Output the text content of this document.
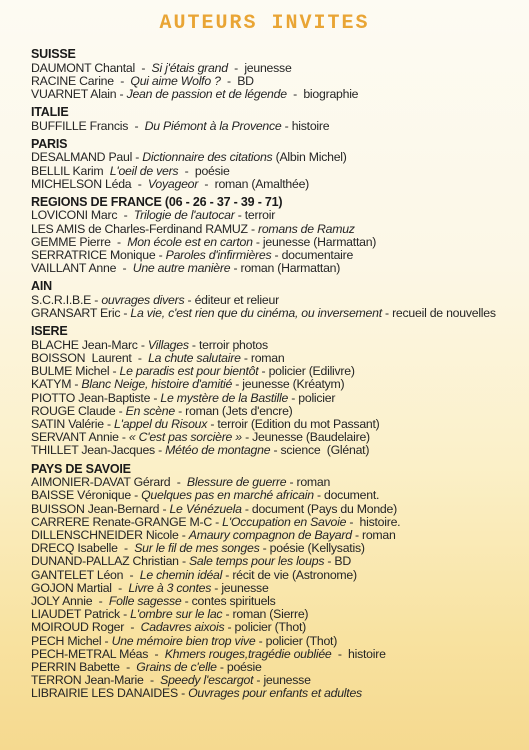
AUTEURS INVITES
SUISSE
DAUMONT Chantal  -  Si j'étais grand  -  jeunesse
RACINE Carine  -  Qui aime Wolfo ?  -  BD
VUARNET Alain - Jean de passion et de légende  -  biographie
ITALIE
BUFFILLE Francis  -  Du Piémont à la Provence - histoire
PARIS
DESALMAND Paul - Dictionnaire des citations (Albin Michel)
BELLIL Karim L'oeil de vers  -  poésie
MICHELSON Léda  -  Voyageor  -  roman (Amalthée)
REGIONS DE FRANCE (06 - 26 - 37 - 39 - 71)
LOVICONI Marc  -  Trilogie de l'autocar - terroir
LES AMIS de Charles-Ferdinand RAMUZ - romans de Ramuz
GEMME Pierre  -  Mon école est en carton - jeunesse (Harmattan)
SERRATRICE Monique - Paroles d'infirmières - documentaire
VAILLANT Anne  -  Une autre manière - roman (Harmattan)
AIN
S.C.R.I.B.E - ouvrages divers - éditeur et relieur
GRANSART Eric - La vie, c'est rien que du cinéma, ou inversement - recueil de nouvelles
ISERE
BLACHE Jean-Marc - Villages - terroir photos
BOISSON  Laurent  -  La chute salutaire - roman
BULME Michel - Le paradis est pour bientôt - policier (Edilivre)
KATYM - Blanc Neige, histoire d'amitié - jeunesse (Kréatym)
PIOTTO Jean-Baptiste - Le mystère de la Bastille - policier
ROUGE Claude - En scène - roman (Jets d'encre)
SATIN Valérie - L'appel du Risoux - terroir (Edition du mot Passant)
SERVANT Annie - « C'est pas sorcière » - Jeunesse (Baudelaire)
THILLET Jean-Jacques - Météo de montagne - science  (Glénat)
PAYS DE SAVOIE
AIMONIER-DAVAT Gérard  -  Blessure de guerre - roman
BAISSE Véronique - Quelques pas en marché africain - document.
BUISSON Jean-Bernard - Le Vénézuela - document (Pays du Monde)
CARRERE Renate-GRANGE M-C - L'Occupation en Savoie -  histoire.
DILLENSCHNEIDER Nicole - Amaury compagnon de Bayard - roman
DRECQ Isabelle  -  Sur le fil de mes songes - poésie (Kellysatis)
DUNAND-PALLAZ Christian - Sale temps pour les loups - BD
GANTELET Léon  -  Le chemin idéal - récit de vie (Astronome)
GOJON Martial  -  Livre à 3 contes - jeunesse
JOLY Annie  -  Folle sagesse - contes spirituels
LIAUDET Patrick - L'ombre sur le lac - roman (Sierre)
MOIROUD Roger  -  Cadavres aixois - policier (Thot)
PECH Michel - Une mémoire bien trop vive - policier (Thot)
PECH-METRAL Méas  -  Khmers rouges,tragédie oubliée  -  histoire
PERRIN Babette  -  Grains de c'elle - poésie
TERRON Jean-Marie  -  Speedy l'escargot - jeunesse
LIBRAIRIE LES DANAIDES - Ouvrages pour enfants et adultes
